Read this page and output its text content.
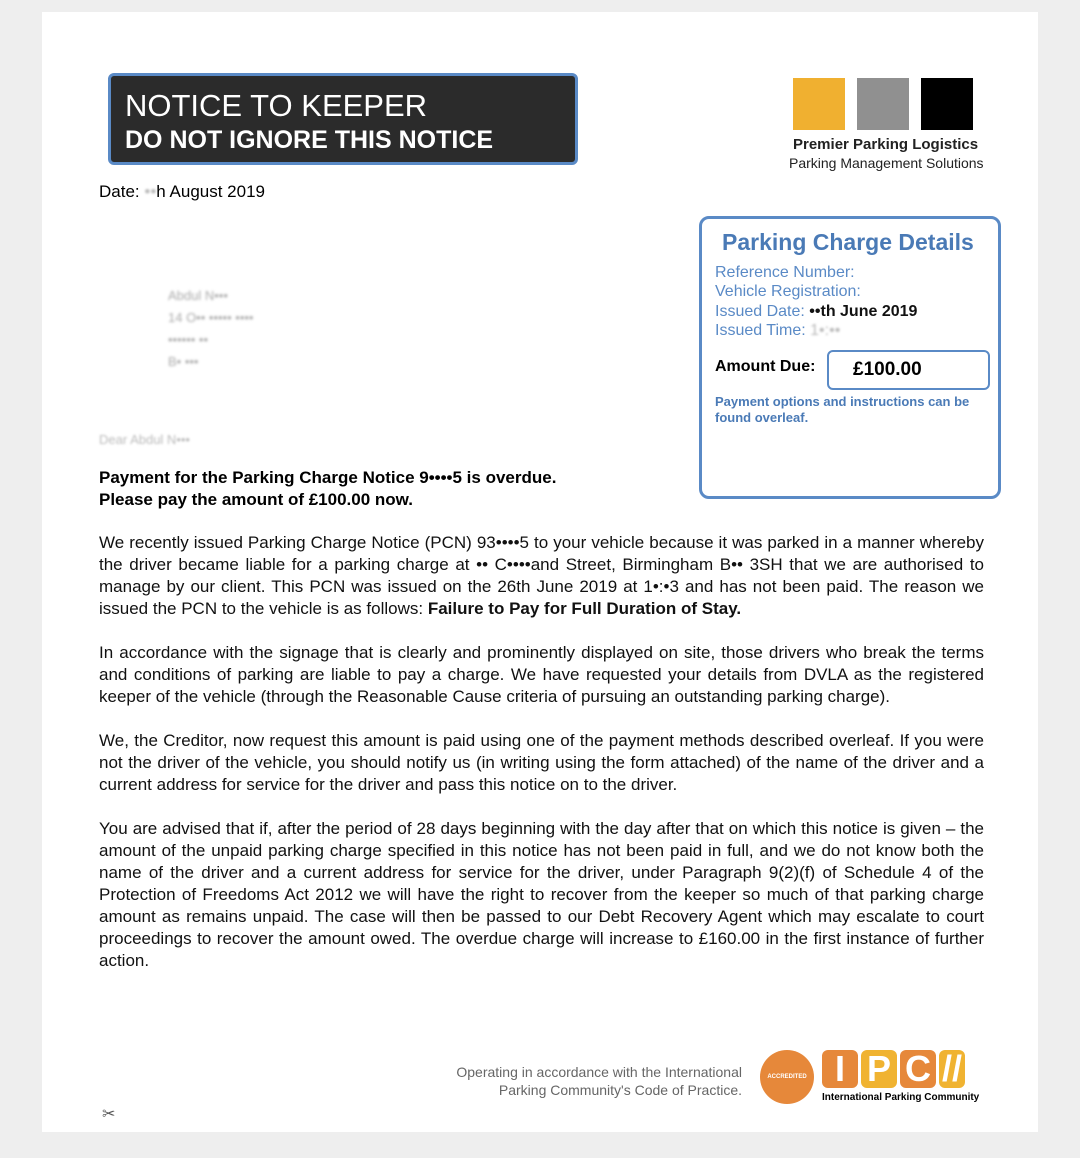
NOTICE TO KEEPER
DO NOT IGNORE THIS NOTICE	Premier Parking Logistics
Parking Management Solutions
Date: ••h August 2019
Abdul N•••
14 O•• ••••• ••••
•••••• ••
B• •••
Parking Charge Details
Reference Number:
Vehicle Registration:
Issued Date: ••th June 2019
Issued Time: 1•:••
Amount Due:	£100.00
Payment options and instructions can be found overleaf.
Dear Abdul N•••
Payment for the Parking Charge Notice 9••••5 is overdue.
Please pay the amount of £100.00 now.

We recently issued Parking Charge Notice (PCN) 93••••5 to your vehicle because it was parked in a manner whereby the driver became liable for a parking charge at •• C••••and Street, Birmingham B•• 3SH that we are authorised to manage by our client. This PCN was issued on the 26th June 2019 at 1•:•3 and has not been paid. The reason we issued the PCN to the vehicle is as follows: Failure to Pay for Full Duration of Stay.

In accordance with the signage that is clearly and prominently displayed on site, those drivers who break the terms and conditions of parking are liable to pay a charge. We have requested your details from DVLA as the registered keeper of the vehicle (through the Reasonable Cause criteria of pursuing an outstanding parking charge).

We, the Creditor, now request this amount is paid using one of the payment methods described overleaf. If you were not the driver of the vehicle, you should notify us (in writing using the form attached) of the name of the driver and a current address for service for the driver and pass this notice on to the driver.

You are advised that if, after the period of 28 days beginning with the day after that on which this notice is given – the amount of the unpaid parking charge specified in this notice has not been paid in full, and we do not know both the name of the driver and a current address for service for the driver, under Paragraph 9(2)(f) of Schedule 4 of the Protection of Freedoms Act 2012 we will have the right to recover from the keeper so much of that parking charge amount as remains unpaid. The case will then be passed to our Debt Recovery Agent which may escalate to court proceedings to recover the amount owed. The overdue charge will increase to £160.00 in the first instance of further action.

Operating in accordance with the International
Parking Community's Code of Practice.
ACCREDITED OPERATOR
I P C //
International Parking Community
✂
